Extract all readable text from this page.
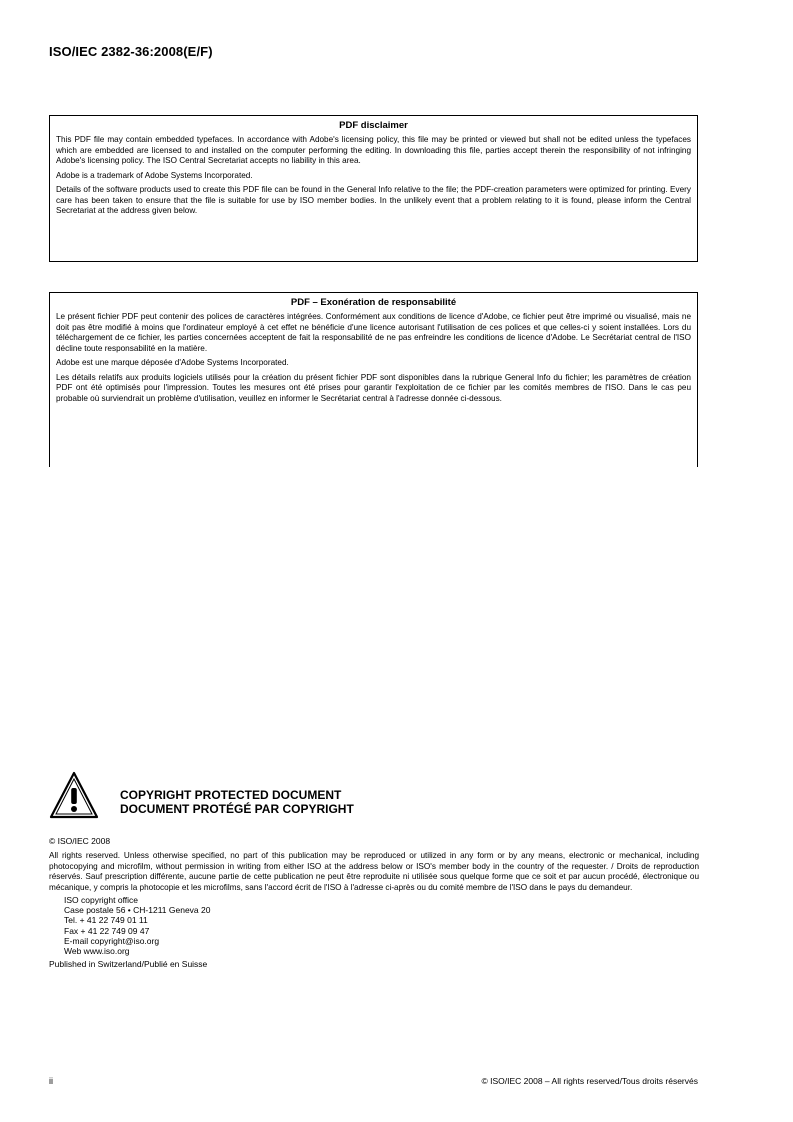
ISO/IEC 2382-36:2008(E/F)
PDF disclaimer

This PDF file may contain embedded typefaces. In accordance with Adobe's licensing policy, this file may be printed or viewed but shall not be edited unless the typefaces which are embedded are licensed to and installed on the computer performing the editing. In downloading this file, parties accept therein the responsibility of not infringing Adobe's licensing policy. The ISO Central Secretariat accepts no liability in this area.

Adobe is a trademark of Adobe Systems Incorporated.

Details of the software products used to create this PDF file can be found in the General Info relative to the file; the PDF-creation parameters were optimized for printing. Every care has been taken to ensure that the file is suitable for use by ISO member bodies. In the unlikely event that a problem relating to it is found, please inform the Central Secretariat at the address given below.

PDF – Exonération de responsabilité

Le présent fichier PDF peut contenir des polices de caractères intégrées. Conformément aux conditions de licence d'Adobe, ce fichier peut être imprimé ou visualisé, mais ne doit pas être modifié à moins que l'ordinateur employé à cet effet ne bénéficie d'une licence autorisant l'utilisation de ces polices et que celles-ci y soient installées. Lors du téléchargement de ce fichier, les parties concernées acceptent de fait la responsabilité de ne pas enfreindre les conditions de licence d'Adobe. Le Secrétariat central de l'ISO décline toute responsabilité en la matière.

Adobe est une marque déposée d'Adobe Systems Incorporated.

Les détails relatifs aux produits logiciels utilisés pour la création du présent fichier PDF sont disponibles dans la rubrique General Info du fichier; les paramètres de création PDF ont été optimisés pour l'impression. Toutes les mesures ont été prises pour garantir l'exploitation de ce fichier par les comités membres de l'ISO. Dans le cas peu probable où surviendrait un problème d'utilisation, veuillez en informer le Secrétariat central à l'adresse donnée ci-dessous.

COPYRIGHT PROTECTED DOCUMENT
DOCUMENT PROTÉGÉ PAR COPYRIGHT
© ISO/IEC 2008
All rights reserved. Unless otherwise specified, no part of this publication may be reproduced or utilized in any form or by any means, electronic or mechanical, including photocopying and microfilm, without permission in writing from either ISO at the address below or ISO's member body in the country of the requester. / Droits de reproduction réservés. Sauf prescription différente, aucune partie de cette publication ne peut être reproduite ni utilisée sous quelque forme que ce soit et par aucun procédé, électronique ou mécanique, y compris la photocopie et les microfilms, sans l'accord écrit de l'ISO à l'adresse ci-après ou du comité membre de l'ISO dans le pays du demandeur.
ISO copyright office
Case postale 56 • CH-1211 Geneva 20
Tel. + 41 22 749 01 11
Fax + 41 22 749 09 47
E-mail copyright@iso.org
Web www.iso.org
Published in Switzerland/Publié en Suisse
ii	© ISO/IEC 2008 – All rights reserved/Tous droits réservés
